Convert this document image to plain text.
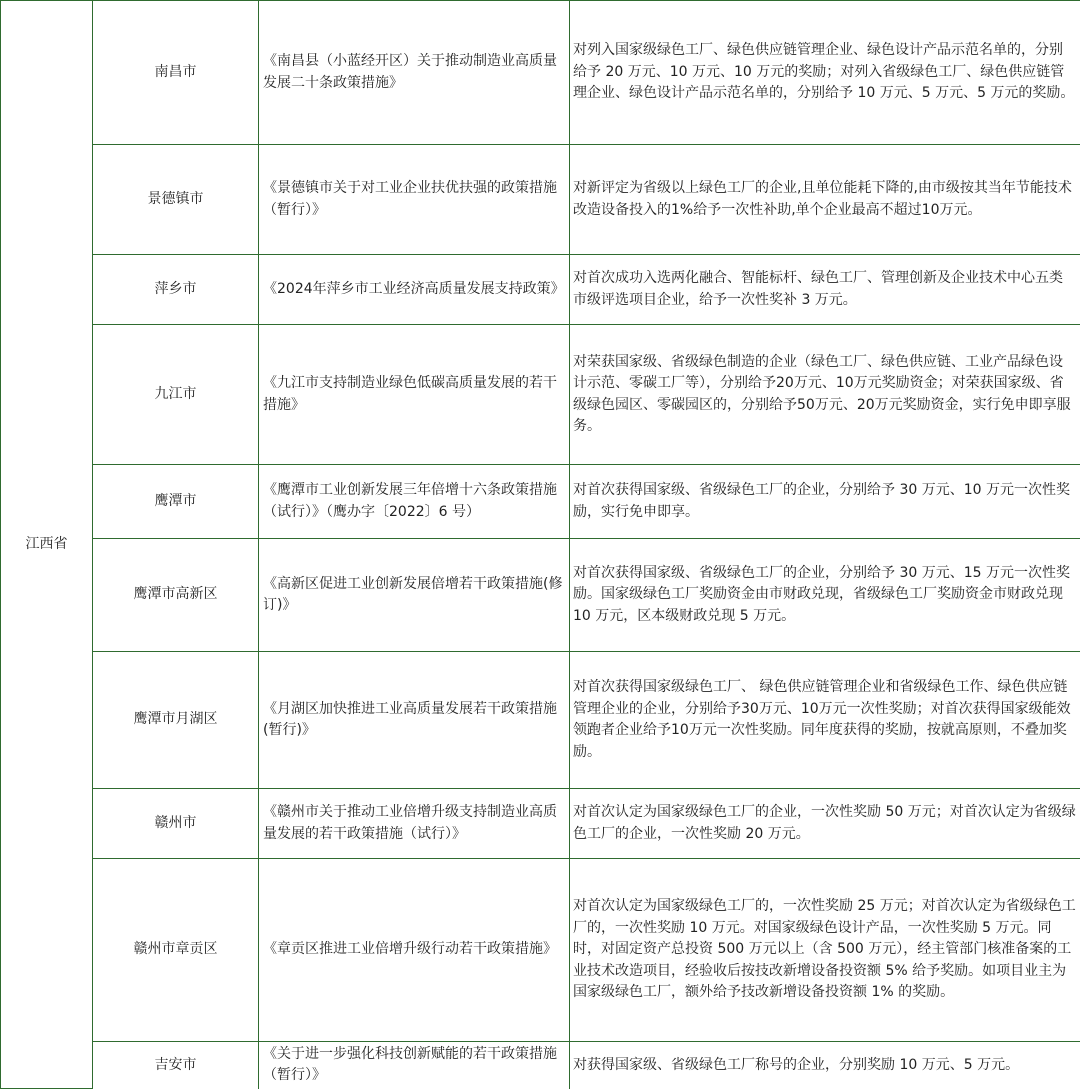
江西省	南昌市	《南昌县（小蓝经开区）关于推动制造业高质量发展二十条政策措施》	对列入国家级绿色工厂、绿色供应链管理企业、绿色设计产品示范名单的，分别给予 20 万元、10 万元、10 万元的奖励；对列入省级绿色工厂、绿色供应链管理企业、绿色设计产品示范名单的，分别给予 10 万元、5 万元、5 万元的奖励。
	景德镇市	《景德镇市关于对工业企业扶优扶强的政策措施（暂行）》	对新评定为省级以上绿色工厂的企业,且单位能耗下降的,由市级按其当年节能技术改造设备投入的1%给予一次性补助,单个企业最高不超过10万元。
	萍乡市	《2024年萍乡市工业经济高质量发展支持政策》	对首次成功入选两化融合、智能标杆、绿色工厂、管理创新及企业技术中心五类市级评选项目企业，给予一次性奖补 3 万元。
	九江市	《九江市支持制造业绿色低碳高质量发展的若干措施》	对荣获国家级、省级绿色制造的企业（绿色工厂、绿色供应链、工业产品绿色设计示范、零碳工厂等），分别给予20万元、10万元奖励资金；对荣获国家级、省级绿色园区、零碳园区的，分别给予50万元、20万元奖励资金，实行免申即享服务。
	鹰潭市	《鹰潭市工业创新发展三年倍增十六条政策措施（试行）》（鹰办字〔2022〕6 号）	对首次获得国家级、省级绿色工厂的企业，分别给予 30 万元、10 万元一次性奖励，实行免申即享。
	鹰潭市高新区	《高新区促进工业创新发展倍增若干政策措施(修订)》	对首次获得国家级、省级绿色工厂的企业，分别给予 30 万元、15 万元一次性奖励。国家级绿色工厂奖励资金由市财政兑现，省级绿色工厂奖励资金市财政兑现 10 万元，区本级财政兑现 5 万元。
	鹰潭市月湖区	《月湖区加快推进工业高质量发展若干政策措施 (暂行)》	对首次获得国家级绿色工厂、 绿色供应链管理企业和省级绿色工作、绿色供应链管理企业的企业，分别给予30万元、10万元一次性奖励；对首次获得国家级能效领跑者企业给予10万元一次性奖励。同年度获得的奖励，按就高原则，不叠加奖励。
	赣州市	《赣州市关于推动工业倍增升级支持制造业高质量发展的若干政策措施（试行）》	对首次认定为国家级绿色工厂的企业，一次性奖励 50 万元；对首次认定为省级绿色工厂的企业，一次性奖励 20 万元。
	赣州市章贡区	《章贡区推进工业倍增升级行动若干政策措施》	对首次认定为国家级绿色工厂的，一次性奖励 25 万元；对首次认定为省级绿色工厂的，一次性奖励 10 万元。对国家级绿色设计产品，一次性奖励 5 万元。同时，对固定资产总投资 500 万元以上（含 500 万元），经主管部门核准备案的工业技术改造项目，经验收后按技改新增设备投资额 5% 给予奖励。如项目业主为国家级绿色工厂，额外给予技改新增设备投资额 1% 的奖励。
	吉安市	《关于进一步强化科技创新赋能的若干政策措施（暂行）》	对获得国家级、省级绿色工厂称号的企业，分别奖励 10 万元、5 万元。
